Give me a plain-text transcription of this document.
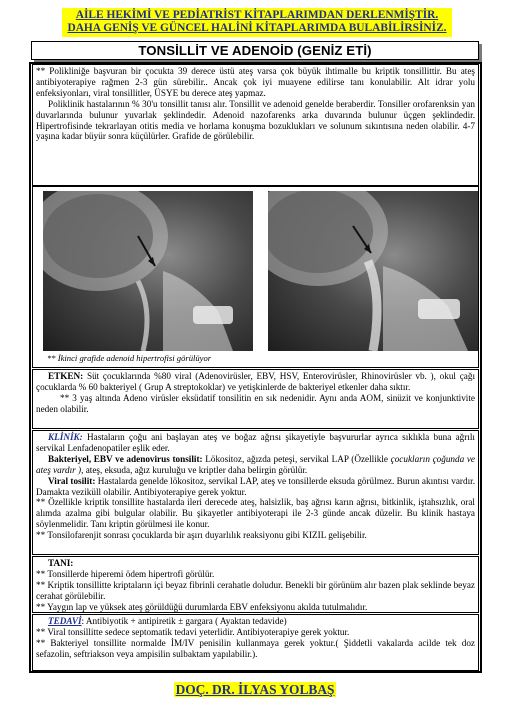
AİLE HEKİMİ VE PEDİATRİST KİTAPLARIMDAN DERLENMİŞTİR.
DAHA GENİŞ VE GÜNCEL HALİNİ KİTAPLARIMDA BULABİLİRSİNİZ.
TONSİLLİT VE ADENOİD (GENİZ ETİ)

** Polikliniğe başvuran bir çocukta 39 derece üstü ateş varsa çok büyük ihtimalle bu kriptik tonsillittir. Bu ateş antibiyoterapiye rağmen 2-3 gün sürebilir.. Ancak çok iyi muayene edilirse tanı konulabilir. Alt idrar yolu enfeksiyonları, viral tonsillitler, ÜSYE bu derece ateş yapmaz.

Poliklinik hastalarının % 30'u tonsillit tanısı alır. Tonsillit ve adenoid genelde beraberdir. Tonsiller orofarenksin yan duvarlarında bulunur yuvarlak şeklindedir. Adenoid nazofarenks arka duvarında bulunur üçgen şeklindedir. Hipertrofisinde tekrarlayan otitis media ve horlama konuşma bozuklukları ve solunum sıkıntısına neden olabilir. 4-7 yaşına kadar büyür sonra küçülürler. Grafide de görülebilir.

** İkinci grafide adenoid hipertrofisi görülüyor

ETKEN: Süt çocuklarında %80 viral (Adenovirüsler, EBV, HSV, Enterovirüsler, Rhinovirüsler vb. ), okul çağı çocuklarda % 60 bakteriyel ( Grup A streptokoklar) ve yetişkinlerde de bakteriyel etkenler daha sıktır.

** 3 yaş altında Adeno virüsler eksüdatif tonsilitin en sık nedenidir. Aynı anda AOM, sinüzit ve konjunktivite neden olabilir.

KLİNİK: Hastaların çoğu ani başlayan ateş ve boğaz ağrısı şikayetiyle başvururlar ayrıca sıklıkla buna ağrılı servikal Lenfadenopatiler eşlik eder.

Bakteriyel, EBV ve adenovirus tonsilit: Lökositoz, ağızda peteşi, servikal LAP (Özellikle çocukların çoğunda ve ateş vardır ), ateş, eksuda, ağız kuruluğu ve kriptler daha belirgin görülür.

Viral tosilit: Hastalarda genelde lökositoz, servikal LAP, ateş ve tonsillerde eksuda görülmez. Burun akıntısı vardır. Damakta veziküll olabilir. Antibiyoterapiye gerek yoktur.

** Özellikle kriptik tonsillite hastalarda ileri derecede ateş, halsizlik, baş ağrısı karın ağrısı, bitkinlik, iştahsızlık, oral alımda azalma gibi bulgular olabilir. Bu şikayetler antibiyoterapi ile 2-3 günde ancak düzelir. Bu klinik hastaya söylenmelidir. Tanı kriptin görülmesi ile konur.

** Tonsilofarenjit sonrası çocuklarda bir aşırı duyarlılık reaksiyonu gibi KIZIL gelişebilir.

TANI:

** Tonsillerde hiperemi ödem hipertrofi görülür.

** Kriptik tonsillitte kriptaların içi beyaz fibrinli cerahatle doludur. Benekli bir görünüm alır bazen plak seklinde beyaz cerahat görülebilir.

** Yaygın lap ve yüksek ateş görüldüğü durumlarda EBV enfeksiyonu akılda tutulmalıdır.

TEDAVİ: Antibiyotik + antipiretik ± gargara ( Ayaktan tedavide)

** Viral tonsillitte sedece septomatik tedavi yeterlidir. Antibiyoterapiye gerek yoktur.

** Bakteriyel tonsillite normalde İM/IV penisilin kullanmaya gerek yoktur.( Şiddetli vakalarda acilde tek doz sefazolin, seftriakson veya ampisilin sulbaktam yapılabilir.).

DOÇ. DR. İLYAS YOLBAŞ
